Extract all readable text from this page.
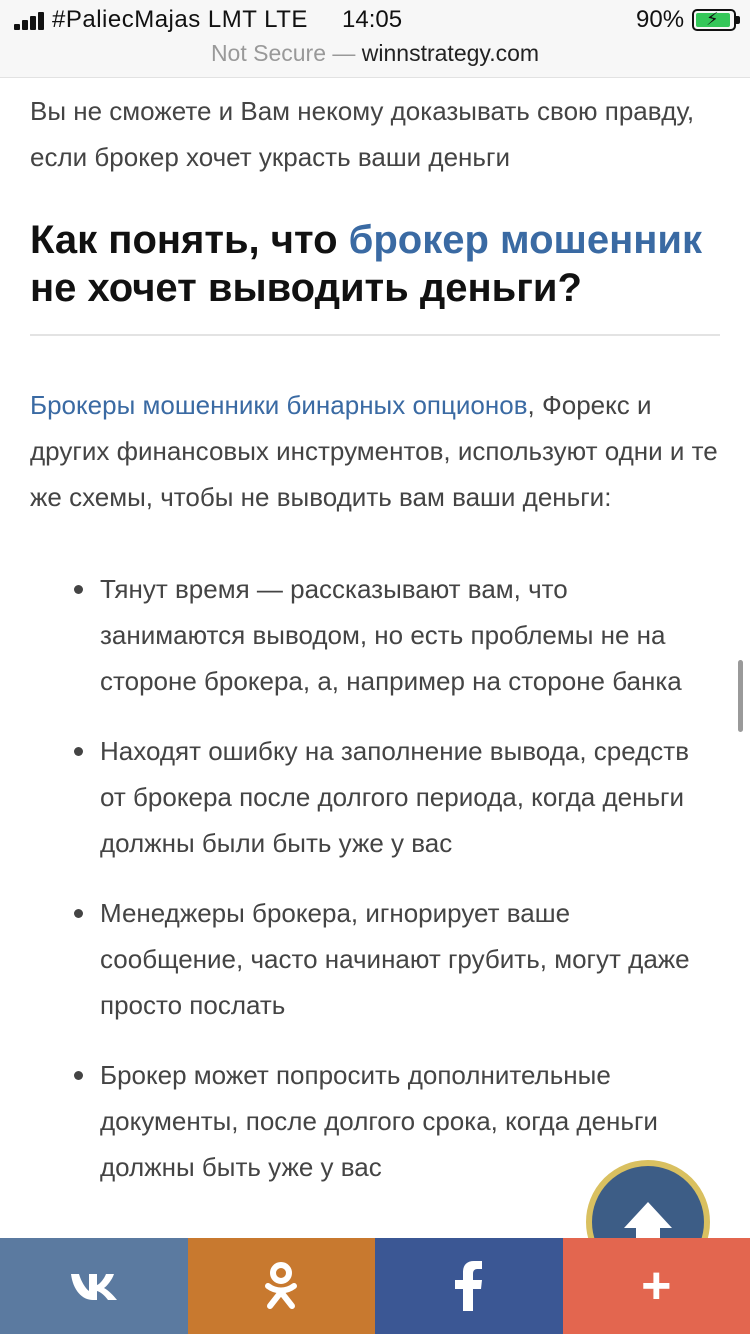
#PaliecMajas LMT LTE 14:05	90% ⚡
Not Secure — winnstrategy.com

Вы не сможете и Вам некому доказывать свою правду, если брокер хочет украсть ваши деньги

Как понять, что брокер мошенник не хочет выводить деньги?

Брокеры мошенники бинарных опционов, Форекс и других финансовых инструментов, используют одни и те же схемы, чтобы не выводить вам ваши деньги:

Тянут время — рассказывают вам, что занимаются выводом, но есть проблемы не на стороне брокера, а, например на стороне банка
Находят ошибку на заполнение вывода, средств от брокера после долгого периода, когда деньги должны были быть уже у вас
Менеджеры брокера, игнорирует ваше сообщение, часто начинают грубить, могут даже просто послать
Брокер может попросить дополнительные документы, после долгого срока, когда деньги должны быть уже у вас
+
